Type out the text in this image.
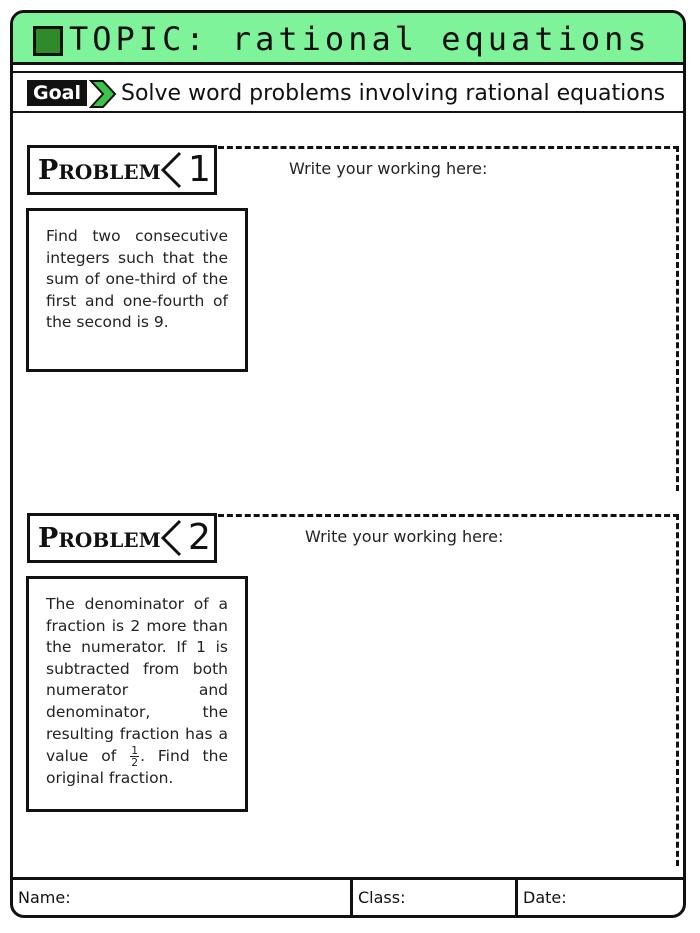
TOPIC: rational equations
Goal Solve word problems involving rational equations
PROBLEM 1	Write your working here:
Find two consecutive integers such that the sum of one-third of the first and one-fourth of the second is 9.
PROBLEM 2	Write your working here:
The denominator of a fraction is 2 more than the numerator. If 1 is subtracted from both numerator and denominator, the resulting fraction has a value of $\frac{1}{2}$ . Find the original fraction.
Name:	Class:	Date:
